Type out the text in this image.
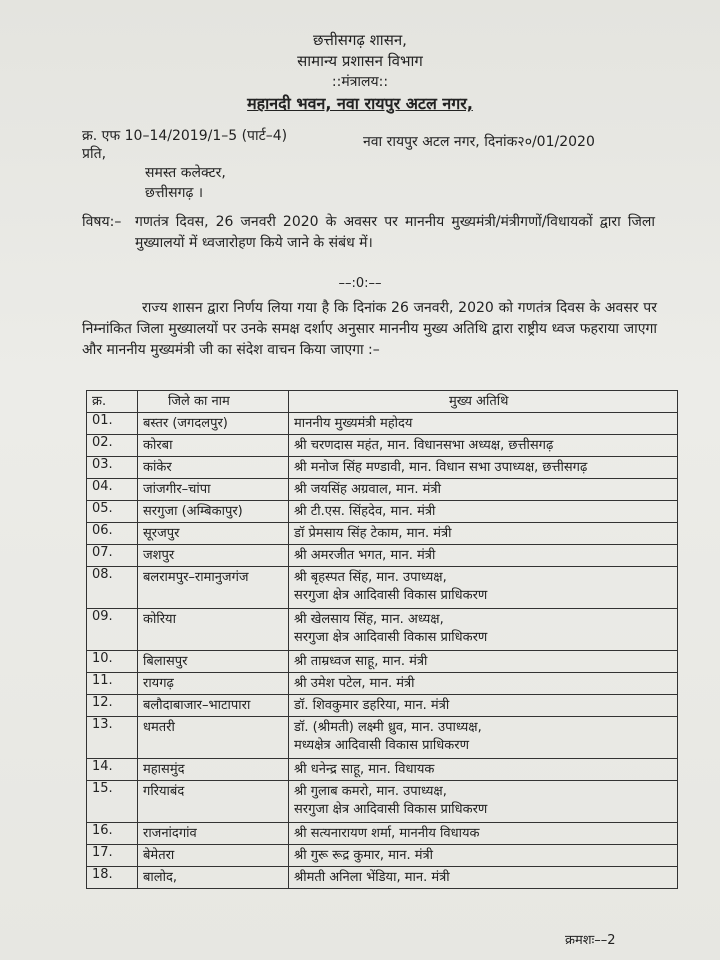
छत्तीसगढ़ शासन,
सामान्य प्रशासन विभाग
::मंत्रालय::
महानदी भवन, नवा रायपुर अटल नगर,
क्र. एफ 10–14/2019/1–5 (पार्ट–4)	नवा रायपुर अटल नगर, दिनांक२०/01/2020
प्रति,
समस्त कलेक्टर,
छत्तीसगढ़ ।
विषय:– गणतंत्र दिवस, 26 जनवरी 2020 के अवसर पर माननीय मुख्यमंत्री/मंत्रीगणों/विधायकों द्वारा जिला मुख्यालयों में ध्वजारोहण किये जाने के संबंध में।
––:0:––
राज्य शासन द्वारा निर्णय लिया गया है कि दिनांक 26 जनवरी, 2020 को गणतंत्र दिवस के अवसर पर निम्नांकित जिला मुख्यालयों पर उनके समक्ष दर्शाए अनुसार माननीय मुख्य अतिथि द्वारा राष्ट्रीय ध्वज फहराया जाएगा और माननीय मुख्यमंत्री जी का संदेश वाचन किया जाएगा :–
क्र.	जिले का नाम	मुख्य अतिथि
01.	बस्तर (जगदलपुर)	माननीय मुख्यमंत्री महोदय

02.	कोरबा	श्री चरणदास महंत, मान. विधानसभा अध्यक्ष, छत्तीसगढ़

03.	कांकेर	श्री मनोज सिंह मण्डावी, मान. विधान सभा उपाध्यक्ष, छत्तीसगढ़

04.	जांजगीर–चांपा	श्री जयसिंह अग्रवाल, मान. मंत्री

05.	सरगुजा (अम्बिकापुर)	श्री टी.एस. सिंहदेव, मान. मंत्री

06.	सूरजपुर	डॉ प्रेमसाय सिंह टेकाम, मान. मंत्री

07.	जशपुर	श्री अमरजीत भगत, मान. मंत्री

08.	बलरामपुर–रामानुजगंज	श्री बृहस्पत सिंह, मान. उपाध्यक्ष,
सरगुजा क्षेत्र आदिवासी विकास प्राधिकरण

09.	कोरिया	श्री खेलसाय सिंह, मान. अध्यक्ष,
सरगुजा क्षेत्र आदिवासी विकास प्राधिकरण

10.	बिलासपुर	श्री ताम्रध्वज साहू, मान. मंत्री

11.	रायगढ़	श्री उमेश पटेल, मान. मंत्री

12.	बलौदाबाजार–भाटापारा	डॉ. शिवकुमार डहरिया, मान. मंत्री

13.	धमतरी	डॉ. (श्रीमती) लक्ष्मी ध्रुव, मान. उपाध्यक्ष,
मध्यक्षेत्र आदिवासी विकास प्राधिकरण

14.	महासमुंद	श्री धनेन्द्र साहू, मान. विधायक

15.	गरियाबंद	श्री गुलाब कमरो, मान. उपाध्यक्ष,
सरगुजा क्षेत्र आदिवासी विकास प्राधिकरण

16.	राजनांदगांव	श्री सत्यनारायण शर्मा, माननीय विधायक

17.	बेमेतरा	श्री गुरू रूद्र कुमार, मान. मंत्री

18.	बालोद,	श्रीमती अनिला भेंडिया, मान. मंत्री
क्रमशः––2
